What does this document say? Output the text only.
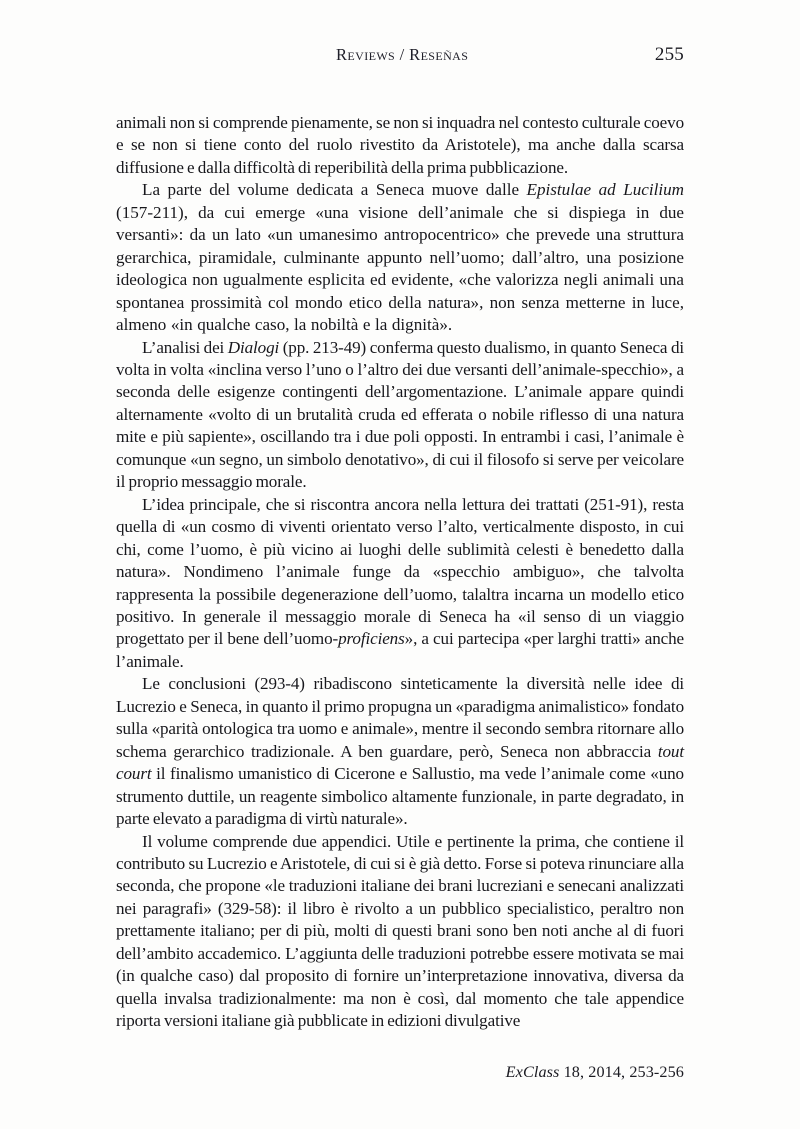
Reviews / Reseñas	255

animali non si comprende pienamente, se non si inquadra nel contesto culturale coevo e se non si tiene conto del ruolo rivestito da Aristotele), ma anche dalla scarsa diffusione e dalla difficoltà di reperibilità della prima pubblicazione.

La parte del volume dedicata a Seneca muove dalle Epistulae ad Lucilium (157-211), da cui emerge «una visione dell’animale che si dispiega in due versanti»: da un lato «un umanesimo antropocentrico» che prevede una struttura gerarchica, piramidale, culminante appunto nell’uomo; dall’altro, una posizione ideologica non ugualmente esplicita ed evidente, «che valorizza negli animali una spontanea prossimità col mondo etico della natura», non senza metterne in luce, almeno «in qualche caso, la nobiltà e la dignità».

L’analisi dei Dialogi (pp. 213-49) conferma questo dualismo, in quanto Seneca di volta in volta «inclina verso l’uno o l’altro dei due versanti dell’animale-specchio», a seconda delle esigenze contingenti dell’argomentazione. L’animale appare quindi alternamente «volto di un brutalità cruda ed efferata o nobile riflesso di una natura mite e più sapiente», oscillando tra i due poli opposti. In entrambi i casi, l’animale è comunque «un segno, un simbolo denotativo», di cui il filosofo si serve per veicolare il proprio messaggio morale.

L’idea principale, che si riscontra ancora nella lettura dei trattati (251-91), resta quella di «un cosmo di viventi orientato verso l’alto, verticalmente disposto, in cui chi, come l’uomo, è più vicino ai luoghi delle sublimità celesti è benedetto dalla natura». Nondimeno l’animale funge da «specchio ambiguo», che talvolta rappresenta la possibile degenerazione dell’uomo, talaltra incarna un modello etico positivo. In generale il messaggio morale di Seneca ha «il senso di un viaggio progettato per il bene dell’uomo-proficiens», a cui partecipa «per larghi tratti» anche l’animale.

Le conclusioni (293-4) ribadiscono sinteticamente la diversità nelle idee di Lucrezio e Seneca, in quanto il primo propugna un «paradigma animalistico» fondato sulla «parità ontologica tra uomo e animale», mentre il secondo sembra ritornare allo schema gerarchico tradizionale. A ben guardare, però, Seneca non abbraccia tout court il finalismo umanistico di Cicerone e Sallustio, ma vede l’animale come «uno strumento duttile, un reagente simbolico altamente funzionale, in parte degradato, in parte elevato a paradigma di virtù naturale».

Il volume comprende due appendici. Utile e pertinente la prima, che contiene il contributo su Lucrezio e Aristotele, di cui si è già detto. Forse si poteva rinunciare alla seconda, che propone «le traduzioni italiane dei brani lucreziani e senecani analizzati nei paragrafi» (329-58): il libro è rivolto a un pubblico specialistico, peraltro non prettamente italiano; per di più, molti di questi brani sono ben noti anche al di fuori dell’ambito accademico. L’aggiunta delle traduzioni potrebbe essere motivata se mai (in qualche caso) dal proposito di fornire un’interpretazione innovativa, diversa da quella invalsa tradizionalmente: ma non è così, dal momento che tale appendice riporta versioni italiane già pubblicate in edizioni divulgative

ExClass 18, 2014, 253-256
